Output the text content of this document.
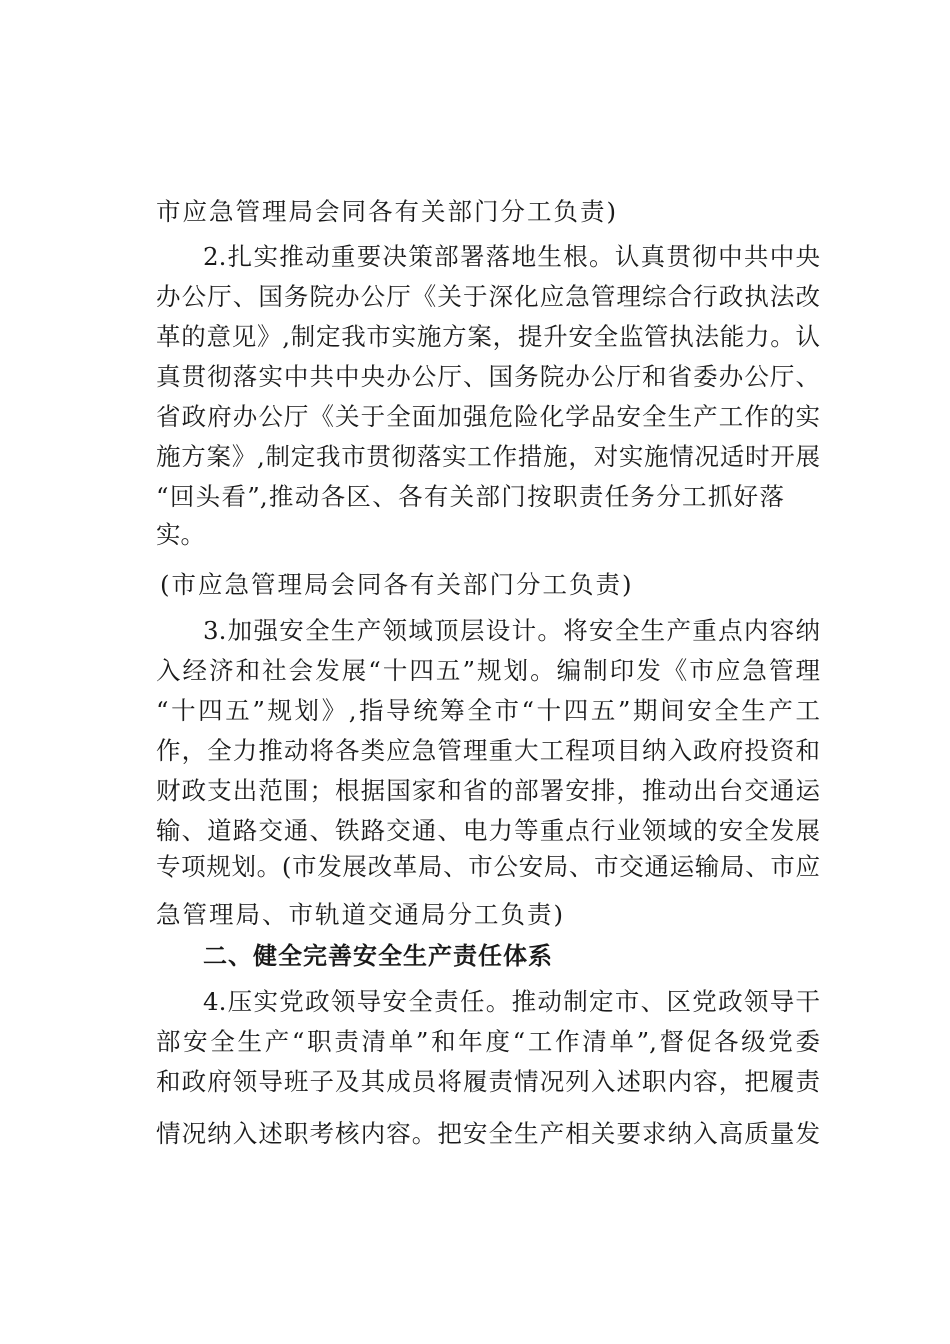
市应急管理局会同各有关部门分工负责)

2.扎实推动重要决策部署落地生根。认真贯彻中共中央

办公厅、国务院办公厅《关于深化应急管理综合行政执法改

革的意见》,制定我市实施方案，提升安全监管执法能力。认

真贯彻落实中共中央办公厅、国务院办公厅和省委办公厅、

省政府办公厅《关于全面加强危险化学品安全生产工作的实

施方案》,制定我市贯彻落实工作措施，对实施情况适时开展

“回头看”,推动各区、各有关部门按职责任务分工抓好落

实。

(市应急管理局会同各有关部门分工负责)

3.加强安全生产领域顶层设计。将安全生产重点内容纳

入经济和社会发展“十四五”规划。编制印发《市应急管理

“十四五”规划》,指导统筹全市“十四五”期间安全生产工

作，全力推动将各类应急管理重大工程项目纳入政府投资和

财政支出范围；根据国家和省的部署安排，推动出台交通运

输、道路交通、铁路交通、电力等重点行业领域的安全发展

专项规划。(市发展改革局、市公安局、市交通运输局、市应

急管理局、市轨道交通局分工负责)

二、健全完善安全生产责任体系

4.压实党政领导安全责任。推动制定市、区党政领导干

部安全生产“职责清单”和年度“工作清单”,督促各级党委

和政府领导班子及其成员将履责情况列入述职内容，把履责

情况纳入述职考核内容。把安全生产相关要求纳入高质量发
